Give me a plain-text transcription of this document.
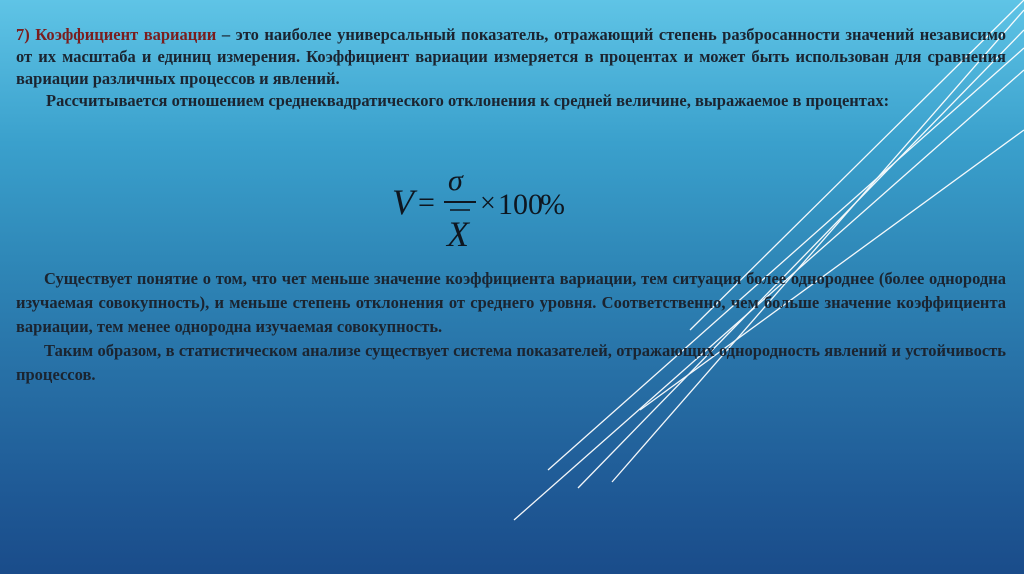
7) Коэффициент вариации – это наиболее универсальный показатель, отражающий степень разбросанности значений независимо от их масштаба и единиц измерения. Коэффициент вариации измеряется в процентах и может быть использован для сравнения вариации различных процессов и явлений.

Рассчитывается отношением среднеквадратического отклонения к средней величине, выражаемое в процентах:

V =
σ
X
× 100
%

Существует понятие о том, что чет меньше значение коэффициента вариации, тем ситуация более однороднее (более однородна изучаемая совокупность), и меньше степень отклонения от среднего уровня. Соответственно, чем больше значение коэффициента вариации, тем менее однородна изучаемая совокупность.

Таким образом, в статистическом анализе существует система показателей, отражающих однородность явлений и устойчивость процессов.
